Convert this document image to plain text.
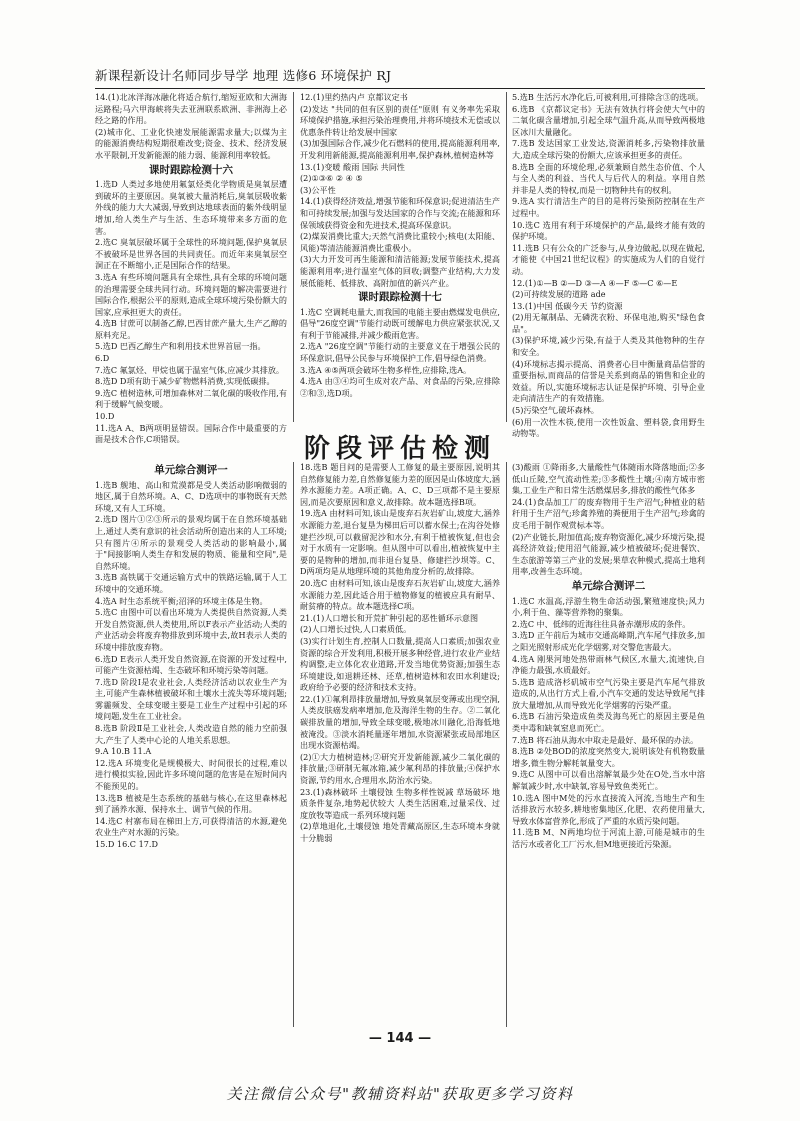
新课程新设计名师同步导学 地理 选修6 环境保护 RJ

14.(1)北冰洋海冰融化将适合航行,缩短亚欧和大洲海运路程;马六甲海峡将失去亚洲联系欧洲、非洲海上必经之路的作用。

(2)城市化、工业化快速发展能源需求量大;以煤为主的能源消费结构短期很难改变;资金、技术、经济发展水平限制,开发新能源的能力弱、能源利用率较低。

课时跟踪检测十六

1.选D 人类过多地使用氟氯烃类化学物质是臭氧层遭到破坏的主要原因。臭氧被大量消耗后,臭氧层吸收紫外线的能力大大减弱,导致到达地球表面的紫外线明显增加,给人类生产与生活、生态环境带来多方面的危害。

2.选C 臭氧层破坏属于全球性的环境问题,保护臭氧层不被破坏是世界各国的共同责任。而近年来臭氧层空洞正在不断缩小,正是国际合作的结果。

3.选A 有些环境问题具有全球性,具有全球的环境问题的治理需要全球共同行动。环境问题的解决需要进行国际合作,根据公平的原则,造成全球环境污染份额大的国家,应承担更大的责任。

4.选B 甘蔗可以制备乙醇,巴西甘蔗产量大,生产乙醇的原料充足。

5.选D 巴西乙醇生产和利用技术世界首屈一指。

6.D

7.选C 氟氯烃、甲烷也属于温室气体,应减少其排放。

8.选D D项有助于减少矿物燃料消费,实现低碳排。

9.选C 植树造林,可增加森林对二氧化碳的吸收作用,有利于缓解气候变暖。

10.D

11.选A A、B两项明显错误。国际合作中最重要的方面是技术合作,C项错误。

12.(1)里约热内卢 京都议定书

(2)发达 "共同的但有区别的责任"原则 有义务率先采取环境保护措施,承担污染治理费用,并将环境技术无偿或以优惠条件转让给发展中国家

(3)加强国际合作,减少化石燃料的使用,提高能源利用率,开发利用新能源,提高能源利用率,保护森林,植树造林等

13.(1)变暖 酸雨 国际 共同性

(2)①③⑥ ② ④ ⑤

(3)公平性

14.(1)获得经济效益,增强节能和环保意识;促进清洁生产和可持续发展;加强与发达国家的合作与交流;在能源和环保领域获得资金和先进技术,提高环保意识。

(2)煤炭消费比重大;天然气消费比重较小;核电(太阳能、风能)等清洁能源消费比重极小。

(3)大力开发可再生能源和清洁能源;发展节能技术,提高能源利用率;进行温室气体的回收;调整产业结构,大力发展低能耗、低排放、高附加值的新兴产业。

课时跟踪检测十七

1.选C 空调耗电量大,而我国的电能主要由燃煤发电供应,倡导"26度空调"节能行动既可缓解电力供应紧张状况,又有利于节能减排,并减少酸雨危害。

2.选A "26度空调"节能行动的主要意义在于增强公民的环保意识,倡导公民参与环境保护工作,倡导绿色消费。

3.选A ④⑤两项会破坏生物多样性,应排除,选A。

4.选A 由③④均可生成对农产品、对食品的污染,应排除②和③,选D项。

5.选B 生活污水净化后,可被利用,可排除含③的选项。

6.选B 《京都议定书》无法有效执行将会使大气中的二氧化碳含量增加,引起全球气温升高,从而导致两极地区冰川大量融化。

7.选B 发达国家工业发达,资源消耗多,污染物排放量大,造成全球污染的份额大,应该承担更多的责任。

8.选B 全面的环境伦理,必须兼顾自然生态价值、个人与全人类的利益、当代人与后代人的利益。享用自然并非是人类的特权,而是一切物种共有的权利。

9.选A 实行清洁生产的目的是将污染预防控制在生产过程中。

10.选C 选用有利于环境保护的产品,最终才能有效的保护环境。

11.选B 只有公众的广泛参与,从身边做起,以现在做起,才能使《中国21世纪议程》的实施成为人们的自觉行动。

12.(1)①—B ②—D ③—A ④—F ⑤—C ⑥—E

(2)可持续发展的道路 ade

13.(1)中国 低碳今天 节约资源

(2)用无氟制品、无磷洗衣粉、环保电池,购买"绿色食品"。

(3)保护环境,减少污染,有益于人类及其他物种的生存和安全。

(4)环境标志揭示提高、消费者心目中衡量商品信誉的重要指标,而商品的信誉是关系到商品的销售和企业的效益。所以,实施环境标志认证是保护环境、引导企业走向清洁生产的有效措施。

(5)污染空气,破坏森林。

(6)用一次性木筷,使用一次性饭盒、塑料袋,食用野生动物等。

阶段评估检测
单元综合测评一

1.选B 舰地、高山和荒漠都是受人类活动影响微弱的地区,属于自然环境。A、C、D选项中的事物既有天然环境,又有人工环境。

2.选D 图片①②③所示的景观均属于在自然环境基础上,通过人类有意识的社会活动所创造出来的人工环境;只有图片④所示的景观受人类活动的影响最小,属于"间接影响人类生存和发展的物质、能量和空间",是自然环境。

3.选B 高铁属于交通运输方式中的铁路运输,属于人工环境中的交通环境。

4.选A 时生态系统平衡;沼泽的环境主体是生物。

5.选C 由图中可以看出环境为人类提供自然资源,人类开发自然资源,供人类使用,所以F表示产业活动;人类的产业活动会将废弃物排放到环境中去,故H表示人类的环境中排放废弃物。

6.选D E表示人类开发自然资源,在资源的开发过程中,可能产生资源枯竭、生态破坏和环境污染等问题。

7.选D 阶段Ⅰ是农业社会,人类经济活动以农业生产为主,可能产生森林植被破坏和土壤水土流失等环境问题;雾霾频发、全球变暖主要是工业生产过程中引起的环境问题,发生在工业社会。

8.选B 阶段Ⅱ是工业社会,人类改造自然的能力空前强大,产生了人类中心论的人地关系思想。

9.A 10.B 11.A

12.选A 环境变化是规模极大、时间很长的过程,难以进行模拟实验,因此许多环境问题的危害是在短时间内不能预见的。

13.选B 植被是生态系统的基础与核心,在这里森林起到了涵养水源、保持水土、调节气候的作用。

14.选C 村寨布局在梯田上方,可获得清洁的水源,避免农业生产对水源的污染。

15.D 16.C 17.D

18.选B 题目问的是需要人工修复的最主要原因,说明其自然修复能力差,自然修复能力差的原因是山体坡度大,涵养水源能力差。A项正确。A、C、D三项都不是主要原因,而是次要原因和意义,故排除。故本题选择B项。

19.选A 由材料可知,该山是废弃石灰岩矿山,坡度大,涵养水源能力差,退台复垦为梯田后可以蓄水保土;在沟谷处修建拦沙坝,可以截留泥沙和水分,有利于植被恢复,但也会对于水质有一定影响。但从图中可以看出,植被恢复中主要的是物种的增加,而非退台复垦、修建拦沙坝等。C、D两项均是从地理环境的其他角度分析的,故排除。

20.选C 由材料可知,该山是废弃石灰岩矿山,坡度大,涵养水源能力差,因此适合用于植物修复的植被应具有耐旱、耐贫瘠的特点。故本题选择C项。

21.(1)人口增长和开荒扩种引起的恶性循环示意图

(2)人口增长过快,人口素质低。

(3)实行计划生育,控制人口数量,提高人口素质;加强农业资源的综合开发利用,积极开展多种经营,进行农业产业结构调整,走立体化农业道路,开发当地优势资源;加强生态环境建设,如退耕还林、还草,植树造林和农田水利建设;政府给予必要的经济和技术支持。

22.(1)①氟利昂排放量增加,导致臭氧层变薄或出现空洞,人类皮肤癌发病率增加,危及海洋生物的生存。②二氧化碳排放量的增加,导致全球变暖,极地冰川融化,沿海低地被淹没。③淡水消耗量逐年增加,水资源紧张或局部地区出现水资源枯竭。

(2)①大力植树造林;②研究开发新能源,减少二氧化碳的排放量;③研制无氟冰箱,减少氟利昂的排放量;④保护水资源,节约用水,合理用水,防治水污染。

23.(1)森林破坏 土壤侵蚀 生物多样性锐减 草场破坏 地质条件复杂,地势起伏较大 人类生活困难,过量采伐、过度放牧等造成一系列环境问题

(2)草地退化,土壤侵蚀 地处青藏高原区,生态环境本身就十分脆弱

(3)酸雨 ①降雨多,大量酸性气体随雨水降落地面;②多低山丘陵,空气流动性差;③多酸性土壤;④南方城市密集,工业生产和日常生活燃煤居多,排放的酸性气体多

24.(1)食品加工厂的废弃物用于生产沼气;种植业的秸秆用于生产沼气;珍禽养殖的粪便用于生产沼气;珍禽的皮毛用于制作观赏标本等。

(2)产业链长,附加值高;废弃物资源化,减少环境污染,提高经济效益;使用沼气能源,减少植被破坏;促进餐饮、生态旅游等第三产业的发展;果草农种模式,提高土地利用率,改善生态环境。

单元综合测评二

1.选C 水温高,浮游生物生命活动强,繁殖速度快;风力小,利于鱼、藻等营养物的聚集。

2.选C 中、低纬的近海往往具备赤潮形成的条件。

3.选D 正午前后为城市交通高峰期,汽车尾气排放多,加之阳光照射形成光化学烟雾,对交警危害最大。

4.选A 刚果河地处热带雨林气候区,水量大,流速快,自净能力最强,水质最好。

5.选B 造成洛杉矶城市空气污染主要是汽车尾气排放造成的,从出行方式上看,小汽车交通的发达导致尾气排放大量增加,从而导致光化学烟雾的污染严重。

6.选B 石油污染造成鱼类及海鸟死亡的原因主要是鱼类中毒和缺氧窒息而死亡。

7.选B 将石油从海水中取走是最好、最环保的办法。

8.选B ②处BOD的浓度突然变大,说明该处有机物数量增多,微生物分解耗氧量变大。

9.选C 从图中可以看出溶解氧最少处在O处,当水中溶解氧减少时,水中缺氧,容易导致鱼类死亡。

10.选A 图中M处的污水直接流入河流,当地生产和生活排放污水较多,耕地密集地区,化肥、农药使用量大,导致水体富营养化,形成了严重的水质污染问题。

11.选B M、N两地均位于河流上游,可能是城市的生活污水或者化工厂污水,但M地更接近污染源。

— 144 —
关注微信公众号"教辅资料站"获取更多学习资料
